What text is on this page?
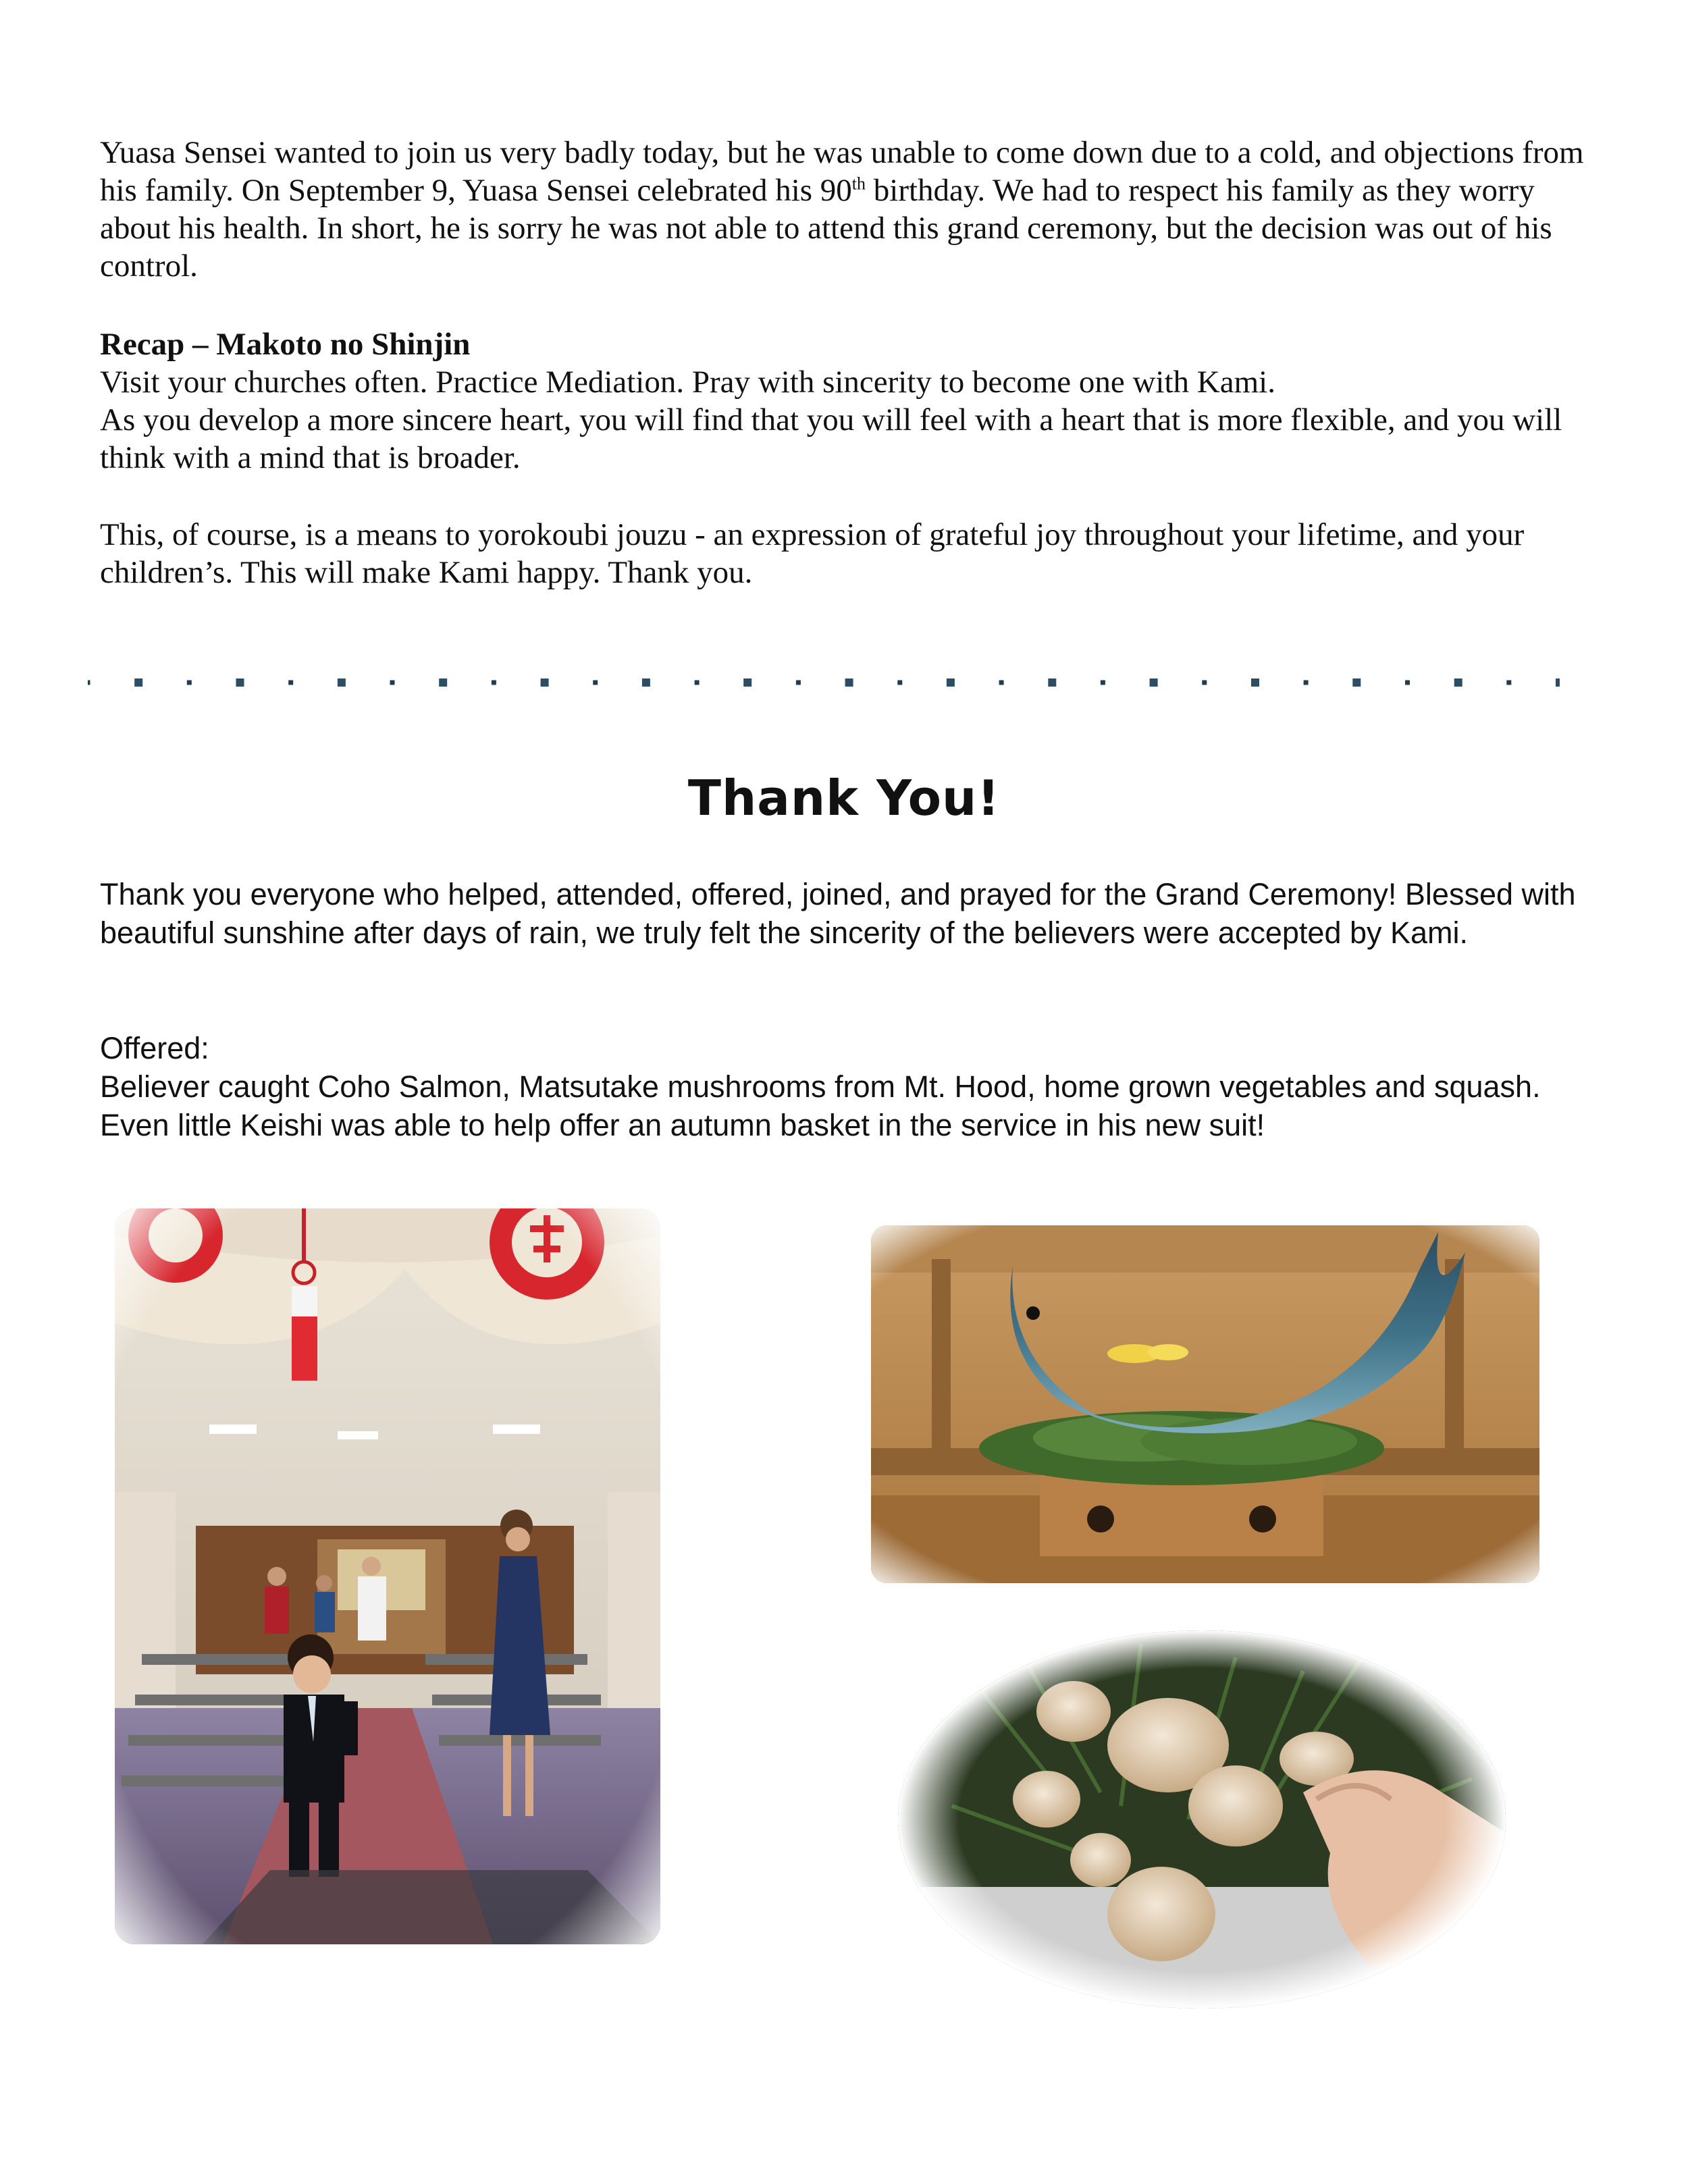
Yuasa Sensei wanted to join us very badly today, but he was unable to come down due to a cold, and objections from his family. On September 9, Yuasa Sensei celebrated his 90th birthday. We had to respect his family as they worry about his health. In short, he is sorry he was not able to attend this grand ceremony, but the decision was out of his control.

Recap – Makoto no Shinjin

Visit your churches often. Practice Mediation. Pray with sincerity to become one with Kami.

As you develop a more sincere heart, you will find that you will feel with a heart that is more flexible, and you will think with a mind that is broader.

This, of course, is a means to yorokoubi jouzu - an expression of grateful joy throughout your lifetime, and your children’s. This will make Kami happy. Thank you.

Thank You!

Thank you everyone who helped, attended, offered, joined, and prayed for the Grand Ceremony! Blessed with beautiful sunshine after days of rain, we truly felt the sincerity of the believers were accepted by Kami.

Offered:

Believer caught Coho Salmon, Matsutake mushrooms from Mt. Hood, home grown vegetables and squash. Even little Keishi was able to help offer an autumn basket in the service in his new suit!
